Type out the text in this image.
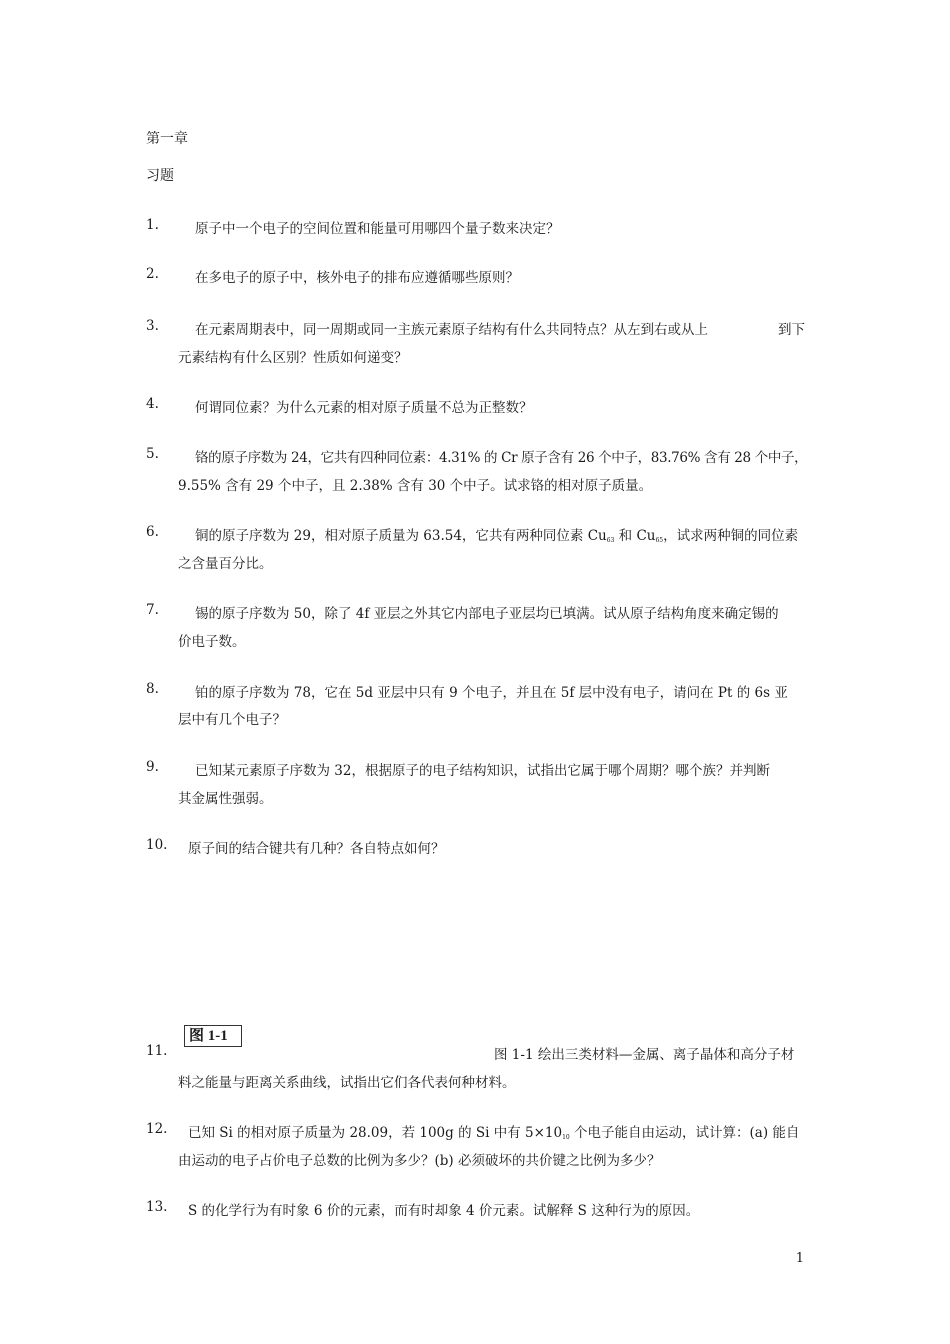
第一章
习题
1.	原子中一个电子的空间位置和能量可用哪四个量子数来决定？
2.	在多电子的原子中，核外电子的排布应遵循哪些原则？
3.	在元素周期表中，同一周期或同一主族元素原子结构有什么共同特点？从左到右或从上	到下
元素结构有什么区别？性质如何递变？
4.	何谓同位素？为什么元素的相对原子质量不总为正整数？
5.	铬的原子序数为 24，它共有四种同位素：4.31% 的 Cr 原子含有 26 个中子，83.76% 含有 28 个中子，
9.55% 含有 29 个中子，且 2.38% 含有 30 个中子。试求铬的相对原子质量。
6.	铜的原子序数为 29，相对原子质量为 63.54，它共有两种同位素 $Cu_{63}$ 和 $Cu_{65}$，试求两种铜的同位素
之含量百分比。
7.	锡的原子序数为 50，除了 4f 亚层之外其它内部电子亚层均已填满。试从原子结构角度来确定锡的
价电子数。
8.	铂的原子序数为 78，它在 5d 亚层中只有 9 个电子，并且在 5f 层中没有电子，请问在 Pt 的 6s 亚
层中有几个电子？
9.	已知某元素原子序数为 32，根据原子的电子结构知识，试指出它属于哪个周期？哪个族？并判断
其金属性强弱。
10. 原子间的结合键共有几种？各自特点如何？
图 1-1
11.	图 1-1 绘出三类材料—金属、离子晶体和高分子材
料之能量与距离关系曲线，试指出它们各代表何种材料。
12. 已知 Si 的相对原子质量为 28.09，若 100g 的 Si 中有 $5\times 10_{10}$ 个电子能自由运动，试计算：(a) 能自
由运动的电子占价电子总数的比例为多少？(b) 必须破坏的共价键之比例为多少？
13. S 的化学行为有时象 6 价的元素，而有时却象 4 价元素。试解释 S 这种行为的原因。
1
